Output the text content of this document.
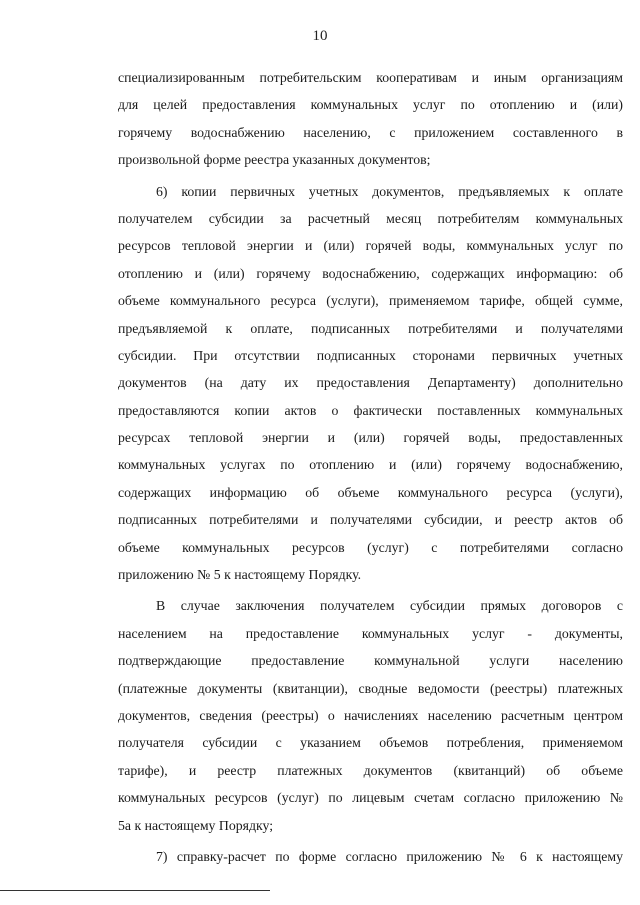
10
специализированным потребительским кооперативам и иным организациям
для целей предоставления коммунальных услуг по отоплению и (или)
горячему водоснабжению населению, с приложением составленного в
произвольной форме реестра указанных документов;
6) копии первичных учетных документов, предъявляемых к оплате
получателем субсидии за расчетный месяц потребителям коммунальных
ресурсов тепловой энергии и (или) горячей воды, коммунальных услуг по
отоплению и (или) горячему водоснабжению, содержащих информацию: об
объеме коммунального ресурса (услуги), применяемом тарифе, общей сумме,
предъявляемой к оплате, подписанных потребителями и получателями
субсидии. При отсутствии подписанных сторонами первичных учетных
документов (на дату их предоставления Департаменту) дополнительно
предоставляются копии актов о фактически поставленных коммунальных
ресурсах тепловой энергии и (или) горячей воды, предоставленных
коммунальных услугах по отоплению и (или) горячему водоснабжению,
содержащих информацию об объеме коммунального ресурса (услуги),
подписанных потребителями и получателями субсидии, и реестр актов об
объеме коммунальных ресурсов (услуг) с потребителями согласно
приложению № 5 к настоящему Порядку.
В случае заключения получателем субсидии прямых договоров с
населением на предоставление коммунальных услуг - документы,
подтверждающие предоставление коммунальной услуги населению
(платежные документы (квитанции), сводные ведомости (реестры) платежных
документов, сведения (реестры) о начислениях населению расчетным центром
получателя субсидии с указанием объемов потребления, применяемом
тарифе), и реестр платежных документов (квитанций) об объеме
коммунальных ресурсов (услуг) по лицевым счетам согласно приложению №
5а к настоящему Порядку;
7) справку-расчет по форме согласно приложению № 6 к настоящему
